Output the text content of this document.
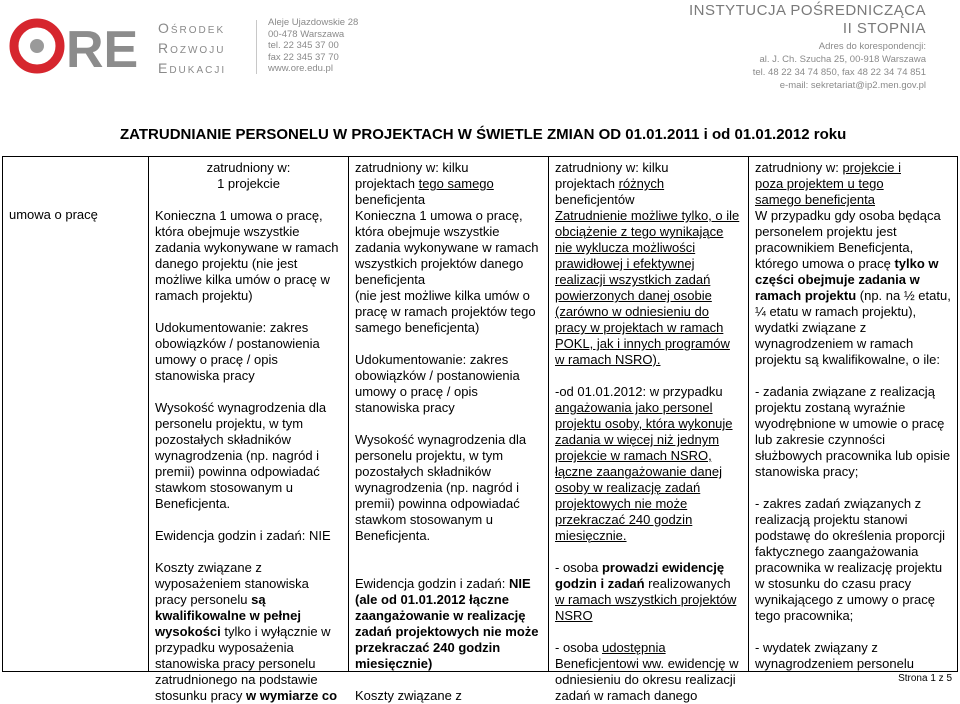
RE Ośrodek
Rozwoju
Edukacji
Aleje Ujazdowskie 28
00-478 Warszawa
tel. 22 345 37 00
fax 22 345 37 70
www.ore.edu.pl
INSTYTUCJA POŚREDNICZĄCA
II STOPNIA
Adres do korespondencji:
al. J. Ch. Szucha 25, 00-918 Warszawa
tel. 48 22 34 74 850, fax 48 22 34 74 851
e-mail: sekretariat@ip2.men.gov.pl
ZATRUDNIANIE PERSONELU W PROJEKTACH W ŚWIETLE ZMIAN OD 01.01.2011 i od 01.01.2012 roku
umowa o pracę
zatrudniony w:
1 projekcie

Konieczna 1 umowa o pracę, która obejmuje wszystkie zadania wykonywane w ramach danego projektu (nie jest możliwe kilka umów o pracę w ramach projektu)

Udokumentowanie: zakres obowiązków / postanowienia umowy o pracę / opis stanowiska pracy

Wysokość wynagrodzenia dla personelu projektu, w tym pozostałych składników wynagrodzenia (np. nagród i premii) powinna odpowiadać stawkom stosowanym u Beneficjenta.

Ewidencja godzin i zadań: NIE

Koszty związane z wyposażeniem stanowiska pracy personelu są kwalifikowalne w pełnej wysokości tylko i wyłącznie w przypadku wyposażenia stanowiska pracy personelu zatrudnionego na podstawie stosunku pracy w wymiarze co

zatrudniony w: kilku
projektach tego samego
beneficjenta

Konieczna 1 umowa o pracę, która obejmuje wszystkie zadania wykonywane w ramach wszystkich projektów danego beneficjenta

(nie jest możliwe kilka umów o pracę w ramach projektów tego samego beneficjenta)

Udokumentowanie: zakres obowiązków / postanowienia umowy o pracę / opis stanowiska pracy

Wysokość wynagrodzenia dla personelu projektu, w tym pozostałych składników wynagrodzenia (np. nagród i premii) powinna odpowiadać stawkom stosowanym u Beneficjenta.

Ewidencja godzin i zadań: NIE
(ale od 01.01.2012 łączne zaangażowanie w realizację zadań projektowych nie może przekraczać 240 godzin miesięcznie)

Koszty związane z

zatrudniony w: kilku
projektach różnych
beneficjentów

Zatrudnienie możliwe tylko, o ile obciążenie z tego wynikające nie wyklucza możliwości prawidłowej i efektywnej realizacji wszystkich zadań powierzonych danej osobie (zarówno w odniesieniu do pracy w projektach w ramach POKL, jak i innych programów w ramach NSRO).

-od 01.01.2012: w przypadku angażowania jako personel projektu osoby, która wykonuje zadania w więcej niż jednym projekcie w ramach NSRO, łączne zaangażowanie danej osoby w realizację zadań projektowych nie może przekraczać 240 godzin miesięcznie.

- osoba prowadzi ewidencję godzin i zadań realizowanych w ramach wszystkich projektów NSRO

- osoba udostępnia Beneficjentowi ww. ewidencję w odniesieniu do okresu realizacji zadań w ramach danego

zatrudniony w: projekcie i
poza projektem u tego
samego beneficjenta

W przypadku gdy osoba będąca personelem projektu jest pracownikiem Beneficjenta, którego umowa o pracę tylko w części obejmuje zadania w ramach projektu (np. na ½ etatu, ¼ etatu w ramach projektu), wydatki związane z wynagrodzeniem w ramach projektu są kwalifikowalne, o ile:

- zadania związane z realizacją projektu zostaną wyraźnie wyodrębnione w umowie o pracę lub zakresie czynności służbowych pracownika lub opisie stanowiska pracy;

- zakres zadań związanych z realizacją projektu stanowi podstawę do określenia proporcji faktycznego zaangażowania pracownika w realizację projektu w stosunku do czasu pracy wynikającego z umowy o pracę tego pracownika;

- wydatek związany z wynagrodzeniem personelu

Strona 1 z 5
